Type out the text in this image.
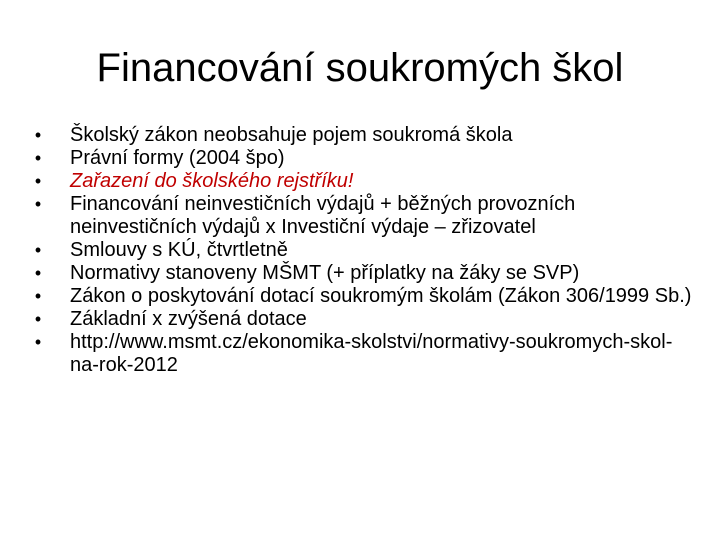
Financování soukromých škol
•	Školský zákon neobsahuje pojem soukromá škola
•	Právní formy (2004 špo)
•	Zařazení do školského rejstříku!
•	Financování neinvestičních výdajů + běžných provozních neinvestičních výdajů x Investiční výdaje – zřizovatel
•	Smlouvy s KÚ, čtvrtletně
•	Normativy stanoveny MŠMT (+ příplatky na žáky se SVP)
•	Zákon o poskytování dotací soukromým školám (Zákon 306/1999 Sb.)
•	Základní x zvýšená dotace
•	http://www.msmt.cz/ekonomika-skolstvi/normativy-soukromych-skol-na-rok-2012
